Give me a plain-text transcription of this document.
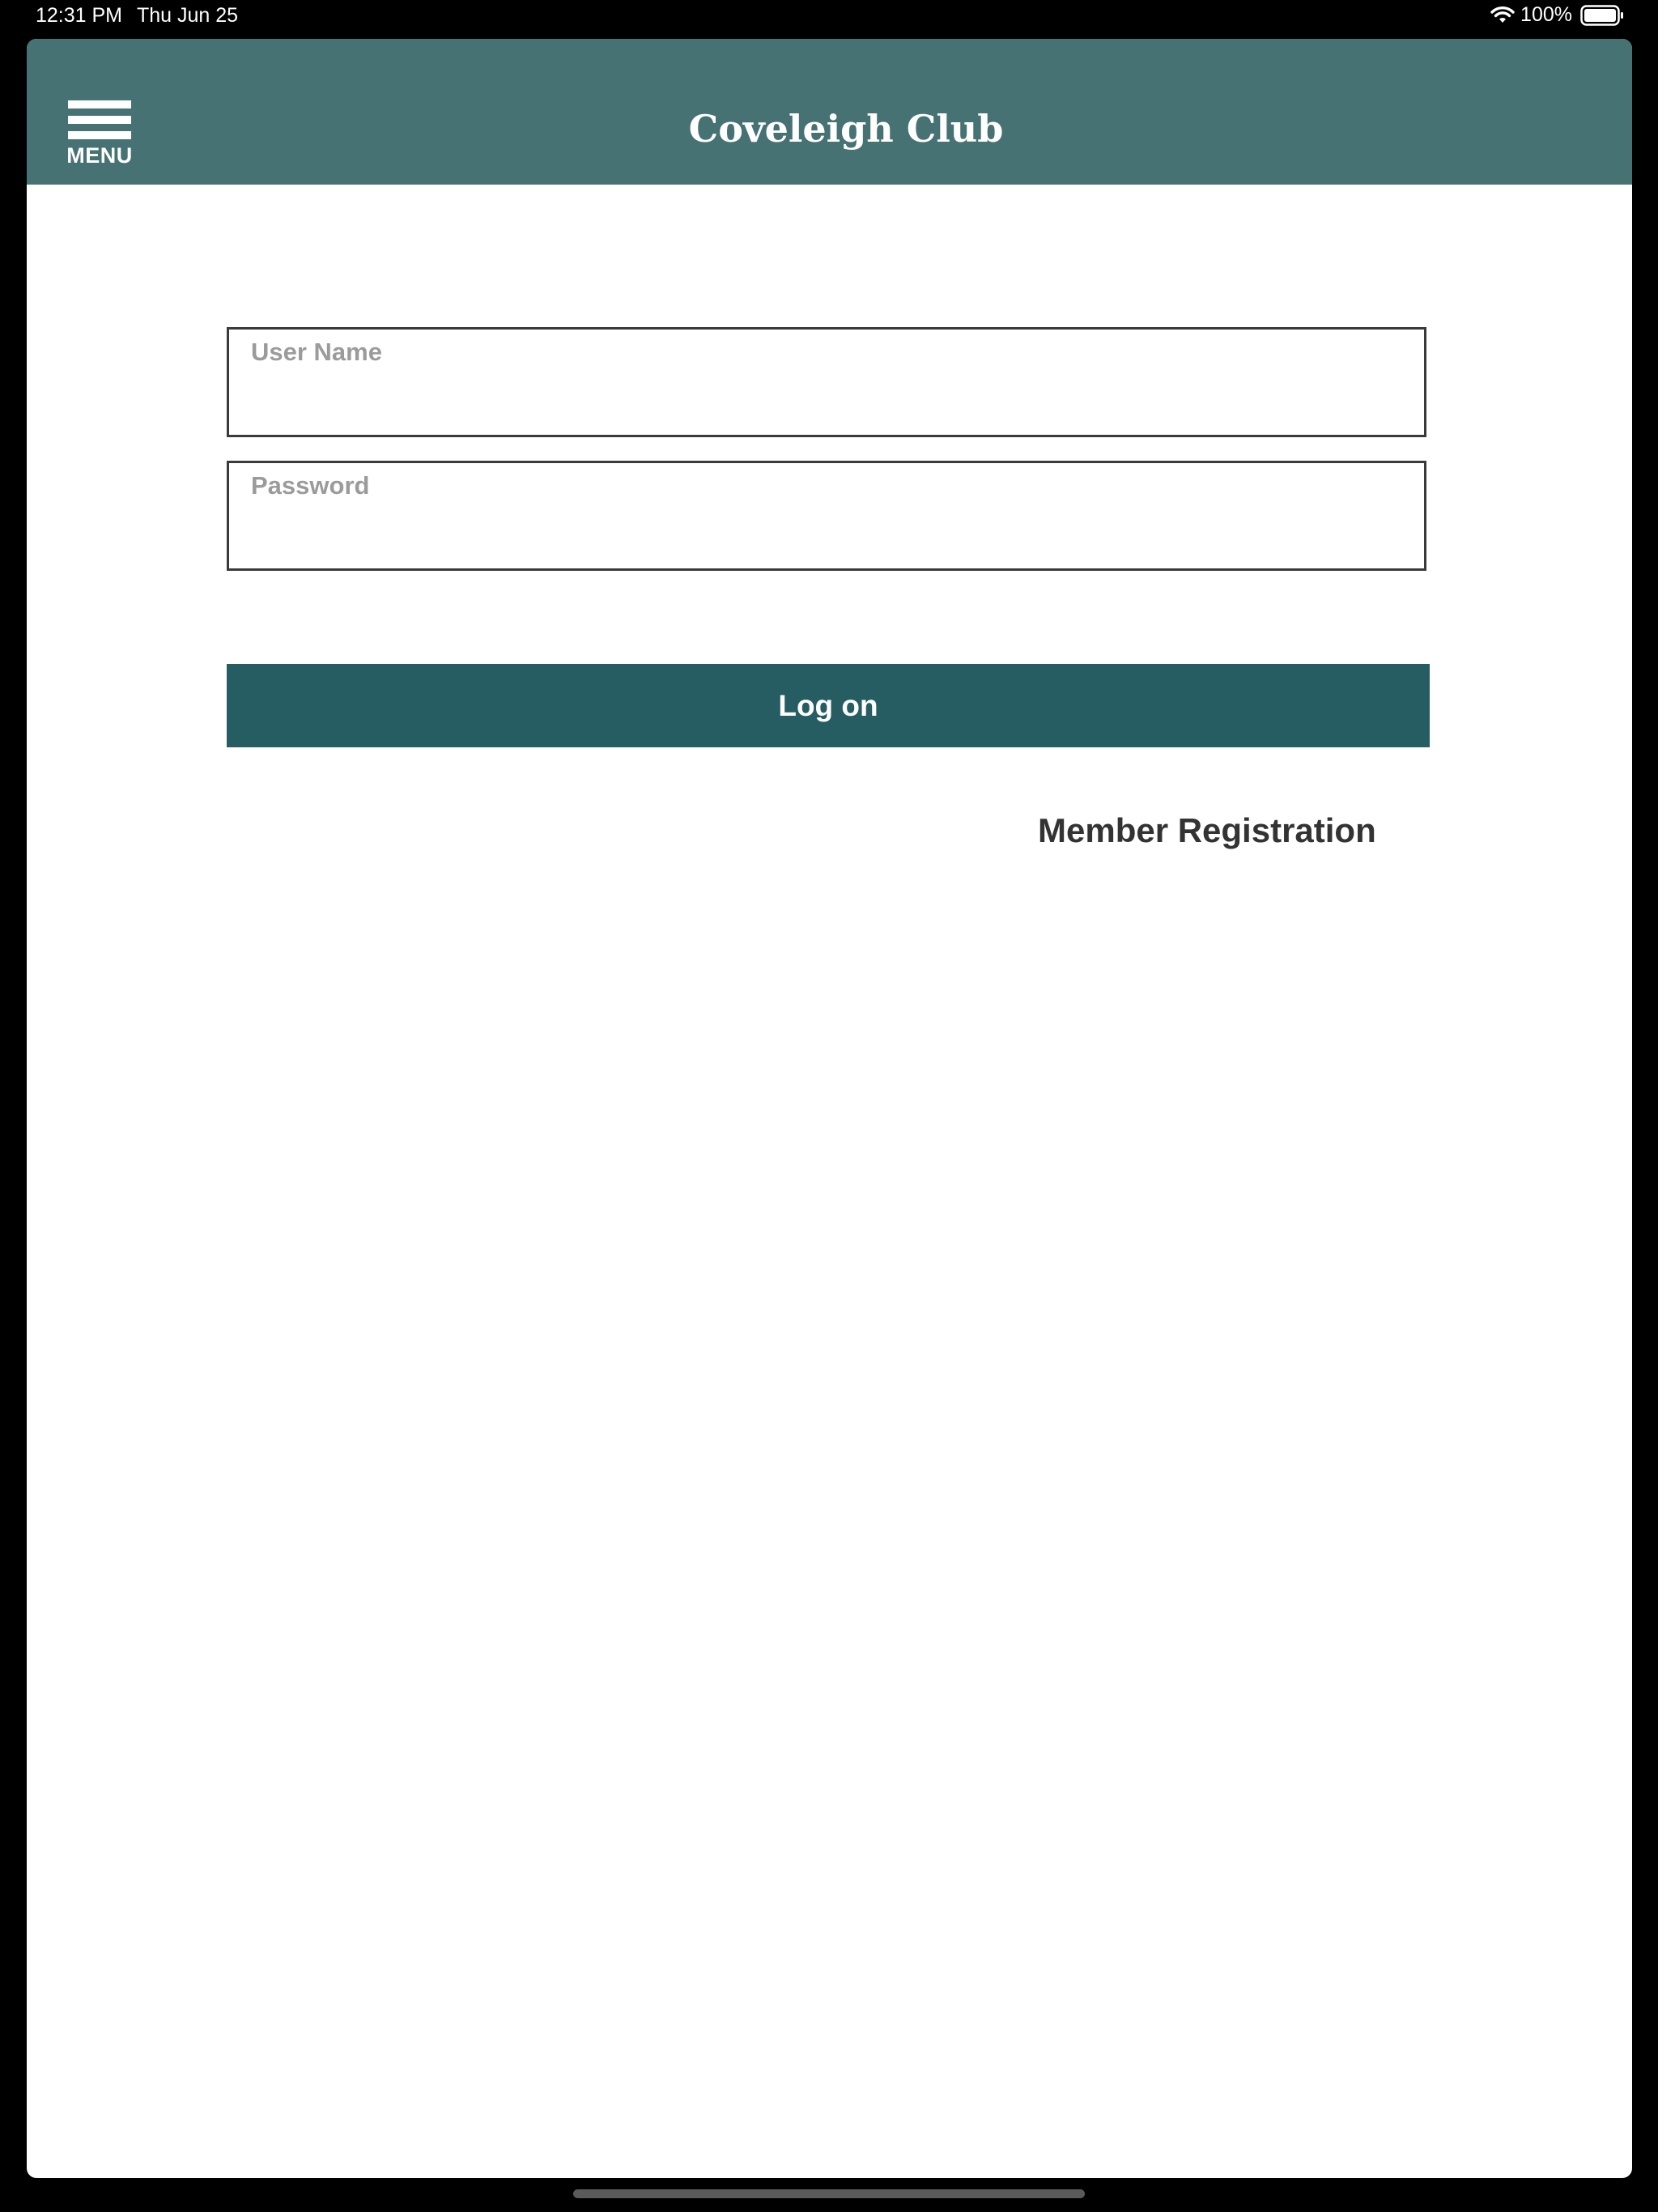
12:31 PM Thu Jun 25	100%
MENU
Coveleigh Club
User Name
Password
Log on
Member Registration
